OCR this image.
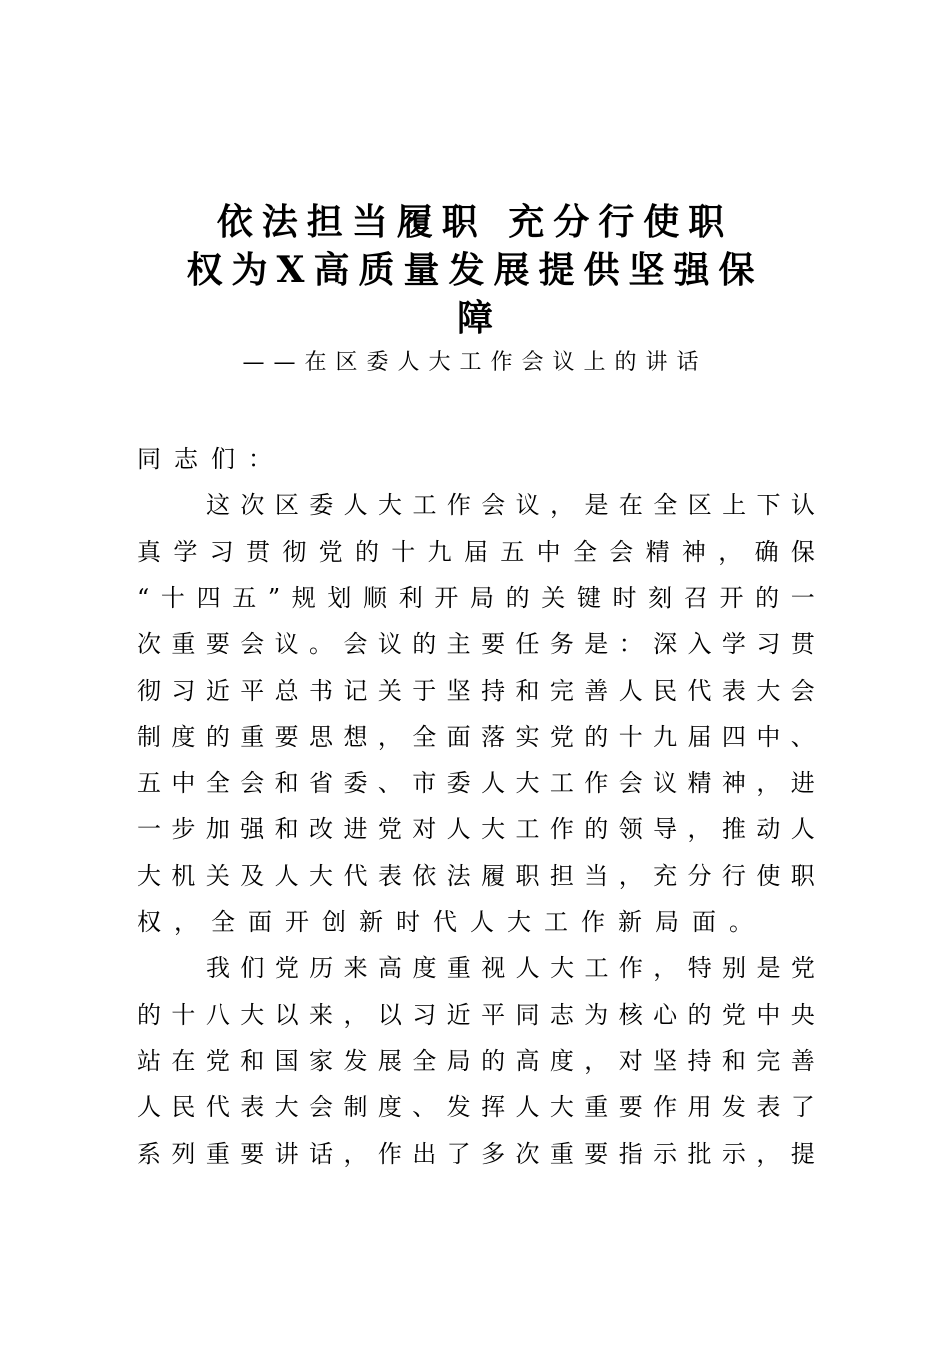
依法担当履职 充分行使职
权为X高质量发展提供坚强保
障
——在区委人大工作会议上的讲话
同 志 们 ：
这 次 区 委 人 大 工 作 会 议 ， 是 在 全 区 上 下 认
真 学 习 贯 彻 党 的 十 九 届 五 中 全 会 精 神 ， 确 保
“ 十 四 五 ” 规 划 顺 利 开 局 的 关 键 时 刻 召 开 的 一
次 重 要 会 议 。 会 议 的 主 要 任 务 是 ： 深 入 学 习 贯
彻 习 近 平 总 书 记 关 于 坚 持 和 完 善 人 民 代 表 大 会
制 度 的 重 要 思 想 ， 全 面 落 实 党 的 十 九 届 四 中 、
五 中 全 会 和 省 委 、 市 委 人 大 工 作 会 议 精 神 ， 进
一 步 加 强 和 改 进 党 对 人 大 工 作 的 领 导 ， 推 动 人
大 机 关 及 人 大 代 表 依 法 履 职 担 当 ， 充 分 行 使 职
权 ， 全 面 开 创 新 时 代 人 大 工 作 新 局 面 。
我 们 党 历 来 高 度 重 视 人 大 工 作 ， 特 别 是 党
的 十 八 大 以 来 ， 以 习 近 平 同 志 为 核 心 的 党 中 央
站 在 党 和 国 家 发 展 全 局 的 高 度 ， 对 坚 持 和 完 善
人 民 代 表 大 会 制 度 、 发 挥 人 大 重 要 作 用 发 表 了
系 列 重 要 讲 话 ， 作 出 了 多 次 重 要 指 示 批 示 ， 提
